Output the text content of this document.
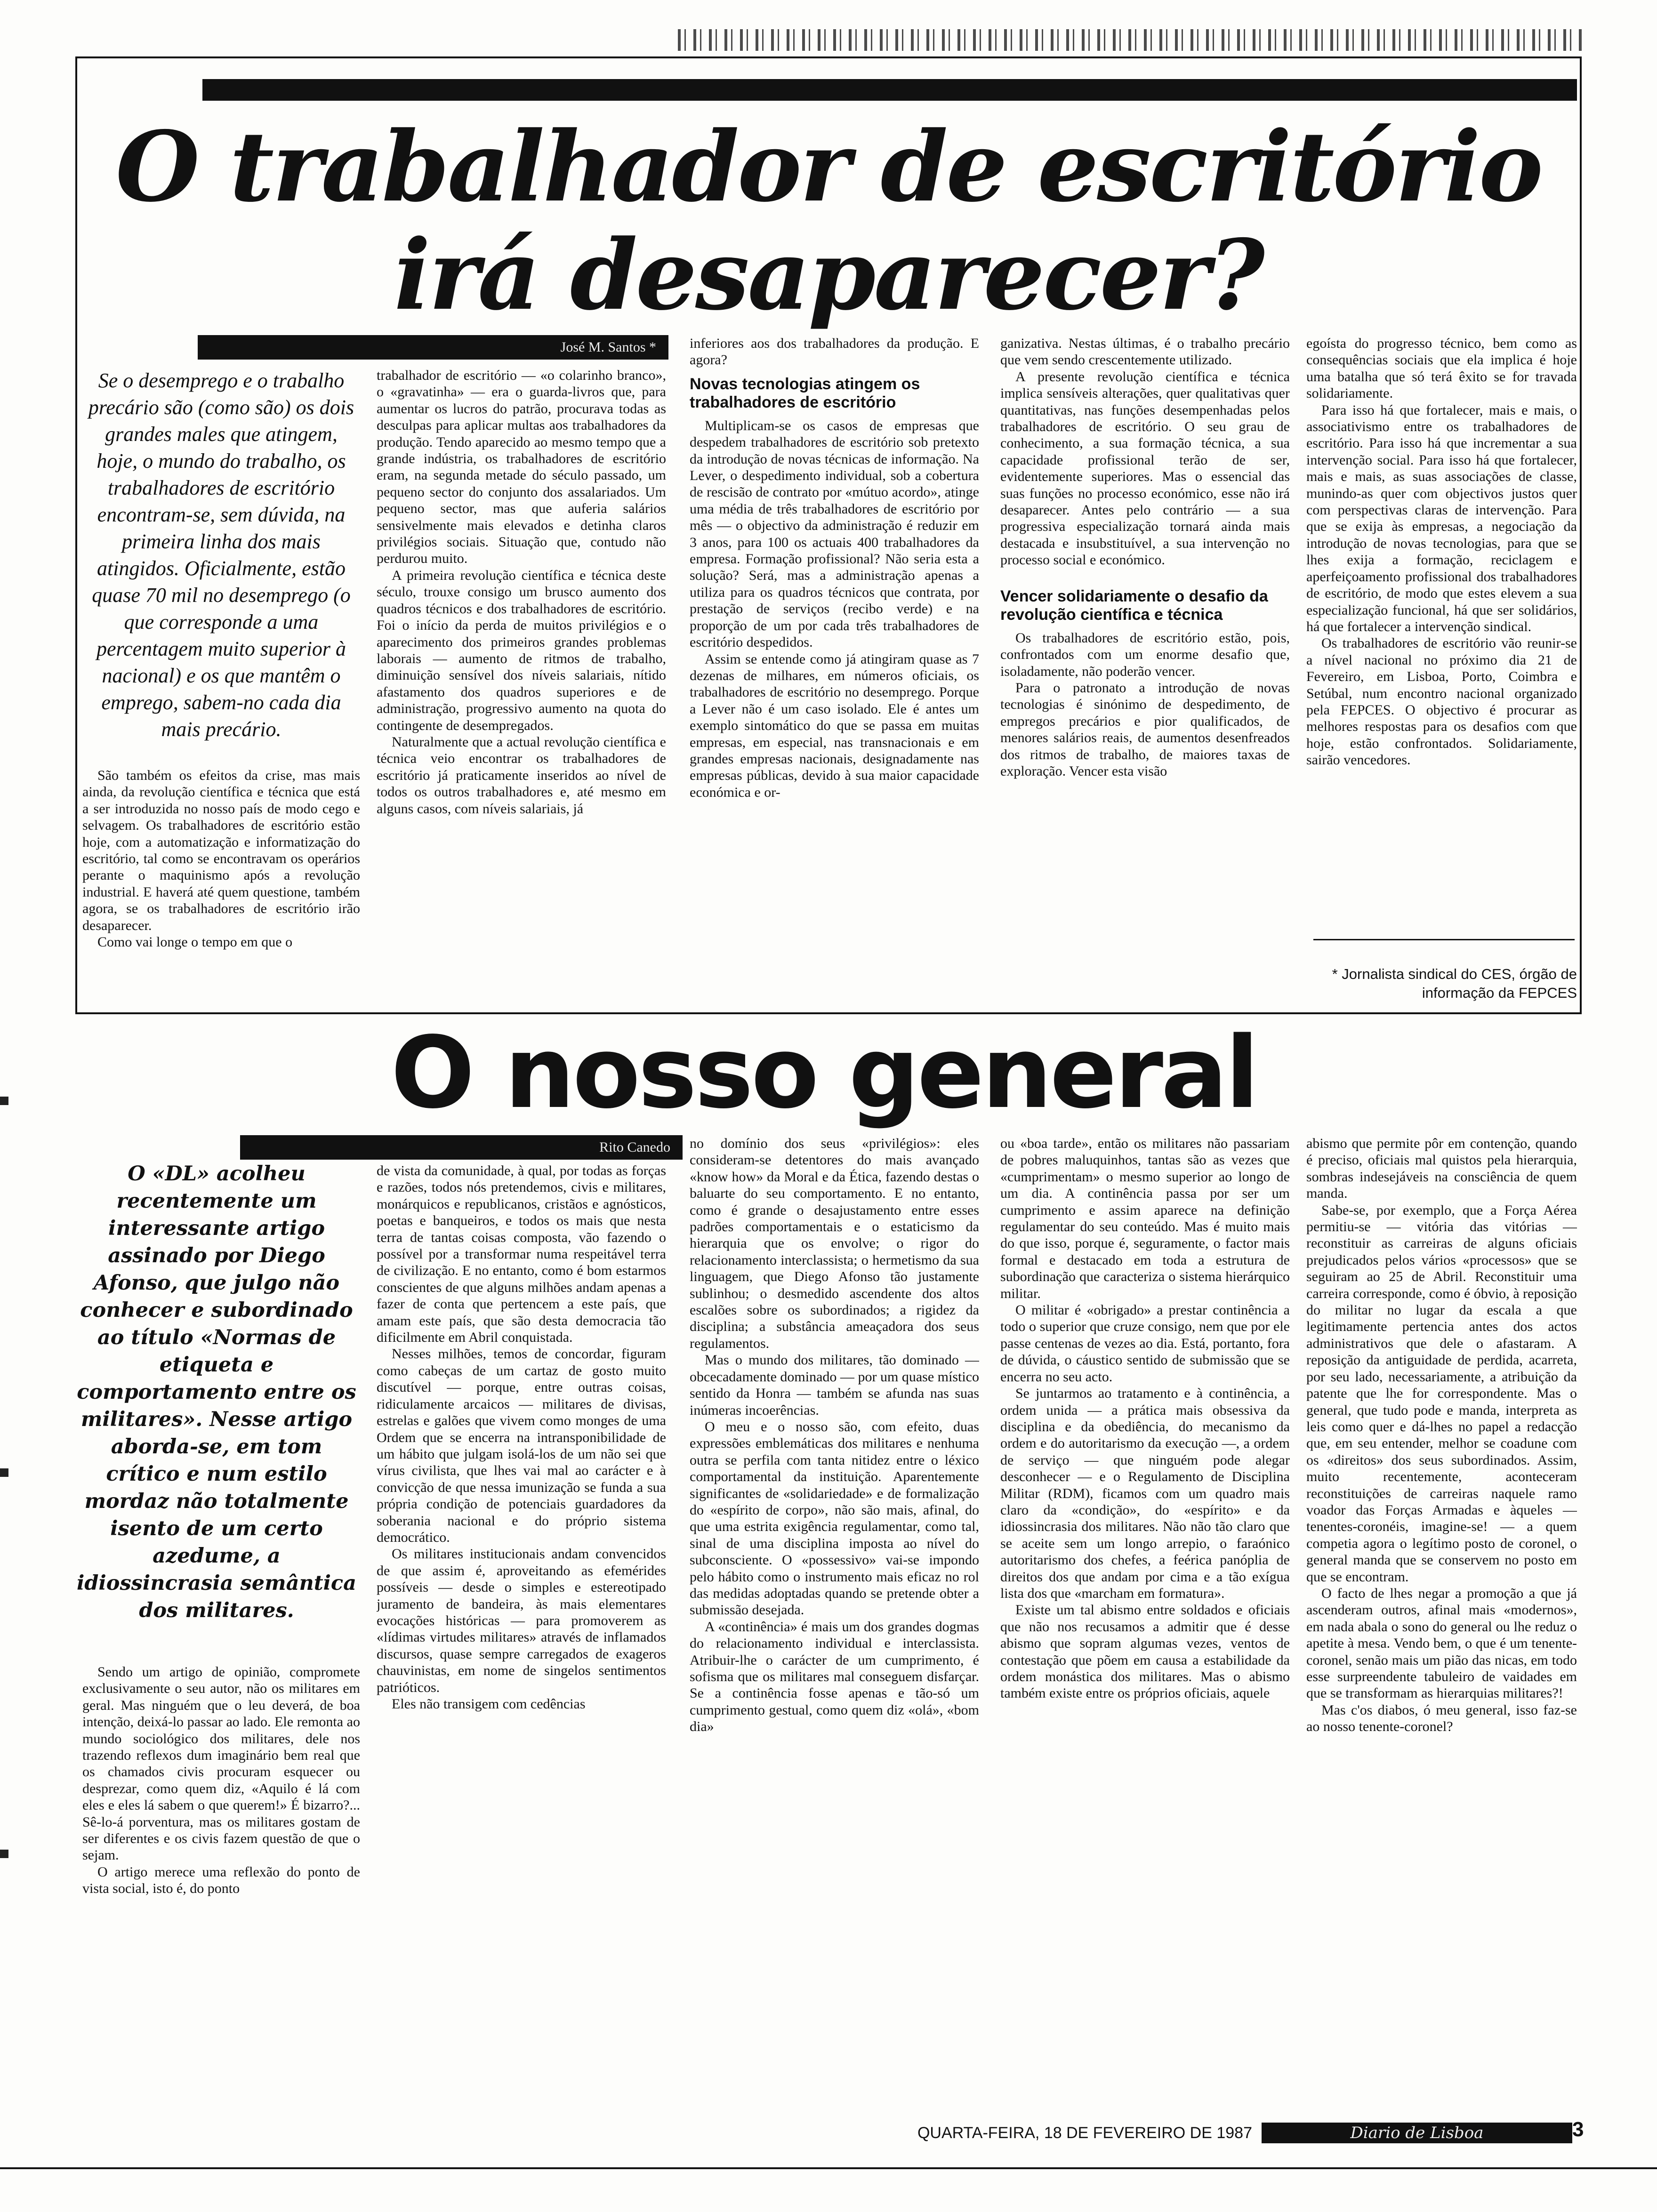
O trabalhador de escritório
irá desaparecer?
José M. Santos *
Se o desemprego e o trabalho precário são (como são) os dois grandes males que atingem, hoje, o mundo do trabalho, os trabalhadores de escritório encontram-se, sem dúvida, na primeira linha dos mais atingidos. Oficialmente, estão quase 70 mil no desemprego (o que corresponde a uma percentagem muito superior à nacional) e os que mantêm o emprego, sabem-no cada dia mais precário.

São também os efeitos da crise, mas mais ainda, da revolução científica e técnica que está a ser introduzida no nosso país de modo cego e selvagem. Os trabalhadores de escritório estão hoje, com a automatização e informatização do escritório, tal como se encontravam os operários perante o maquinismo após a revolução industrial. E haverá até quem questione, também agora, se os trabalhadores de escritório irão desaparecer.

Como vai longe o tempo em que o

trabalhador de escritório — «o colarinho branco», o «gravatinha» — era o guarda-livros que, para aumentar os lucros do patrão, procurava todas as desculpas para aplicar multas aos trabalhadores da produção. Tendo aparecido ao mesmo tempo que a grande indústria, os trabalhadores de escritório eram, na segunda metade do século passado, um pequeno sector do conjunto dos assalariados. Um pequeno sector, mas que auferia salários sensivelmente mais elevados e detinha claros privilégios sociais. Situação que, contudo não perdurou muito.

A primeira revolução científica e técnica deste século, trouxe consigo um brusco aumento dos quadros técnicos e dos trabalhadores de escritório. Foi o início da perda de muitos privilégios e o aparecimento dos primeiros grandes problemas laborais — aumento de ritmos de trabalho, diminuição sensível dos níveis salariais, nítido afastamento dos quadros superiores e de administração, progressivo aumento na quota do contingente de desempregados.

Naturalmente que a actual revolução científica e técnica veio encontrar os trabalhadores de escritório já praticamente inseridos ao nível de todos os outros trabalhadores e, até mesmo em alguns casos, com níveis salariais, já

inferiores aos dos trabalhadores da produção. E agora?

Novas tecnologias atingem os trabalhadores de escritório

Multiplicam-se os casos de empresas que despedem trabalhadores de escritório sob pretexto da introdução de novas técnicas de informação. Na Lever, o despedimento individual, sob a cobertura de rescisão de contrato por «mútuo acordo», atinge uma média de três trabalhadores de escritório por mês — o objectivo da administração é reduzir em 3 anos, para 100 os actuais 400 trabalhadores da empresa. Formação profissional? Não seria esta a solução? Será, mas a administração apenas a utiliza para os quadros técnicos que contrata, por prestação de serviços (recibo verde) e na proporção de um por cada três trabalhadores de escritório despedidos.

Assim se entende como já atingiram quase as 7 dezenas de milhares, em números oficiais, os trabalhadores de escritório no desemprego. Porque a Lever não é um caso isolado. Ele é antes um exemplo sintomático do que se passa em muitas empresas, em especial, nas transnacionais e em grandes empresas nacionais, designadamente nas empresas públicas, devido à sua maior capacidade económica e or-

ganizativa. Nestas últimas, é o trabalho precário que vem sendo crescentemente utilizado.

A presente revolução científica e técnica implica sensíveis alterações, quer qualitativas quer quantitativas, nas funções desempenhadas pelos trabalhadores de escritório. O seu grau de conhecimento, a sua formação técnica, a sua capacidade profissional terão de ser, evidentemente superiores. Mas o essencial das suas funções no processo económico, esse não irá desaparecer. Antes pelo contrário — a sua progressiva especialização tornará ainda mais destacada e insubstituível, a sua intervenção no processo social e económico.

Vencer solidariamente o desafio da revolução científica e técnica

Os trabalhadores de escritório estão, pois, confrontados com um enorme desafio que, isoladamente, não poderão vencer.

Para o patronato a introdução de novas tecnologias é sinónimo de despedimento, de empregos precários e pior qualificados, de menores salários reais, de aumentos desenfreados dos ritmos de trabalho, de maiores taxas de exploração. Vencer esta visão

egoísta do progresso técnico, bem como as consequências sociais que ela implica é hoje uma batalha que só terá êxito se for travada solidariamente.

Para isso há que fortalecer, mais e mais, o associativismo entre os trabalhadores de escritório. Para isso há que incrementar a sua intervenção social. Para isso há que fortalecer, mais e mais, as suas associações de classe, munindo-as quer com objectivos justos quer com perspectivas claras de intervenção. Para que se exija às empresas, a negociação da introdução de novas tecnologias, para que se lhes exija a formação, reciclagem e aperfeiçoamento profissional dos trabalhadores de escritório, de modo que estes elevem a sua especialização funcional, há que ser solidários, há que fortalecer a intervenção sindical.

Os trabalhadores de escritório vão reunir-se a nível nacional no próximo dia 21 de Fevereiro, em Lisboa, Porto, Coimbra e Setúbal, num encontro nacional organizado pela FEPCES. O objectivo é procurar as melhores respostas para os desafios com que hoje, estão confrontados. Solidariamente, sairão vencedores.

* Jornalista sindical do CES, órgão de informação da FEPCES
O nosso general
Rito Canedo
O «DL» acolheu recentemente um interessante artigo assinado por Diego Afonso, que julgo não conhecer e subordinado ao título «Normas de etiqueta e comportamento entre os militares». Nesse artigo aborda-se, em tom crítico e num estilo mordaz não totalmente isento de um certo azedume, a idiossincrasia semântica dos militares.

Sendo um artigo de opinião, compromete exclusivamente o seu autor, não os militares em geral. Mas ninguém que o leu deverá, de boa intenção, deixá-lo passar ao lado. Ele remonta ao mundo sociológico dos militares, dele nos trazendo reflexos dum imaginário bem real que os chamados civis procuram esquecer ou desprezar, como quem diz, «Aquilo é lá com eles e eles lá sabem o que querem!» É bizarro?... Sê-lo-á porventura, mas os militares gostam de ser diferentes e os civis fazem questão de que o sejam.

O artigo merece uma reflexão do ponto de vista social, isto é, do ponto

de vista da comunidade, à qual, por todas as forças e razões, todos nós pretendemos, civis e militares, monárquicos e republicanos, cristãos e agnósticos, poetas e banqueiros, e todos os mais que nesta terra de tantas coisas composta, vão fazendo o possível por a transformar numa respeitável terra de civilização. E no entanto, como é bom estarmos conscientes de que alguns milhões andam apenas a fazer de conta que pertencem a este país, que amam este país, que são desta democracia tão dificilmente em Abril conquistada.

Nesses milhões, temos de concordar, figuram como cabeças de um cartaz de gosto muito discutível — porque, entre outras coisas, ridiculamente arcaicos — militares de divisas, estrelas e galões que vivem como monges de uma Ordem que se encerra na intransponibilidade de um hábito que julgam isolá-los de um não sei que vírus civilista, que lhes vai mal ao carácter e à convicção de que nessa imunização se funda a sua própria condição de potenciais guardadores da soberania nacional e do próprio sistema democrático.

Os militares institucionais andam convencidos de que assim é, aproveitando as efemérides possíveis — desde o simples e estereotipado juramento de bandeira, às mais elementares evocações históricas — para promoverem as «lídimas virtudes militares» através de inflamados discursos, quase sempre carregados de exageros chauvinistas, em nome de singelos sentimentos patrióticos.

Eles não transigem com cedências

no domínio dos seus «privilégios»: eles consideram-se detentores do mais avançado «know how» da Moral e da Ética, fazendo destas o baluarte do seu comportamento. E no entanto, como é grande o desajustamento entre esses padrões comportamentais e o estaticismo da hierarquia que os envolve; o rigor do relacionamento interclassista; o hermetismo da sua linguagem, que Diego Afonso tão justamente sublinhou; o desmedido ascendente dos altos escalões sobre os subordinados; a rigidez da disciplina; a substância ameaçadora dos seus regulamentos.

Mas o mundo dos militares, tão dominado — obcecadamente dominado — por um quase místico sentido da Honra — também se afunda nas suas inúmeras incoerências.

O meu e o nosso são, com efeito, duas expressões emblemáticas dos militares e nenhuma outra se perfila com tanta nitidez entre o léxico comportamental da instituição. Aparentemente significantes de «solidariedade» e de formalização do «espírito de corpo», não são mais, afinal, do que uma estrita exigência regulamentar, como tal, sinal de uma disciplina imposta ao nível do subconsciente. O «possessivo» vai-se impondo pelo hábito como o instrumento mais eficaz no rol das medidas adoptadas quando se pretende obter a submissão desejada.

A «continência» é mais um dos grandes dogmas do relacionamento individual e interclassista. Atribuir-lhe o carácter de um cumprimento, é sofisma que os militares mal conseguem disfarçar. Se a continência fosse apenas e tão-só um cumprimento gestual, como quem diz «olá», «bom dia»

ou «boa tarde», então os militares não passariam de pobres maluquinhos, tantas são as vezes que «cumprimentam» o mesmo superior ao longo de um dia. A continência passa por ser um cumprimento e assim aparece na definição regulamentar do seu conteúdo. Mas é muito mais do que isso, porque é, seguramente, o factor mais formal e destacado em toda a estrutura de subordinação que caracteriza o sistema hierárquico militar.

O militar é «obrigado» a prestar continência a todo o superior que cruze consigo, nem que por ele passe centenas de vezes ao dia. Está, portanto, fora de dúvida, o cáustico sentido de submissão que se encerra no seu acto.

Se juntarmos ao tratamento e à continência, a ordem unida — a prática mais obsessiva da disciplina e da obediência, do mecanismo da ordem e do autoritarismo da execução —, a ordem de serviço — que ninguém pode alegar desconhecer — e o Regulamento de Disciplina Militar (RDM), ficamos com um quadro mais claro da «condição», do «espírito» e da idiossincrasia dos militares. Não não tão claro que se aceite sem um longo arrepio, o faraónico autoritarismo dos chefes, a feérica panóplia de direitos dos que andam por cima e a tão exígua lista dos que «marcham em formatura».

Existe um tal abismo entre soldados e oficiais que não nos recusamos a admitir que é desse abismo que sopram algumas vezes, ventos de contestação que põem em causa a estabilidade da ordem monástica dos militares. Mas o abismo também existe entre os próprios oficiais, aquele

abismo que permite pôr em contenção, quando é preciso, oficiais mal quistos pela hierarquia, sombras indesejáveis na consciência de quem manda.

Sabe-se, por exemplo, que a Força Aérea permitiu-se — vitória das vitórias — reconstituir as carreiras de alguns oficiais prejudicados pelos vários «processos» que se seguiram ao 25 de Abril. Reconstituir uma carreira corresponde, como é óbvio, à reposição do militar no lugar da escala a que legitimamente pertencia antes dos actos administrativos que dele o afastaram. A reposição da antiguidade de perdida, acarreta, por seu lado, necessariamente, a atribuição da patente que lhe for correspondente. Mas o general, que tudo pode e manda, interpreta as leis como quer e dá-lhes no papel a redacção que, em seu entender, melhor se coadune com os «direitos» dos seus subordinados. Assim, muito recentemente, aconteceram reconstituições de carreiras naquele ramo voador das Forças Armadas e àqueles — tenentes-coronéis, imagine-se! — a quem competia agora o legítimo posto de coronel, o general manda que se conservem no posto em que se encontram.

O facto de lhes negar a promoção a que já ascenderam outros, afinal mais «modernos», em nada abala o sono do general ou lhe reduz o apetite à mesa. Vendo bem, o que é um tenente-coronel, senão mais um pião das nicas, em todo esse surpreendente tabuleiro de vaidades em que se transformam as hierarquias militares?!

Mas c'os diabos, ó meu general, isso faz-se ao nosso tenente-coronel?

QUARTA-FEIRA, 18 DE FEVEREIRO DE 1987	Diario de Lisboa	3
